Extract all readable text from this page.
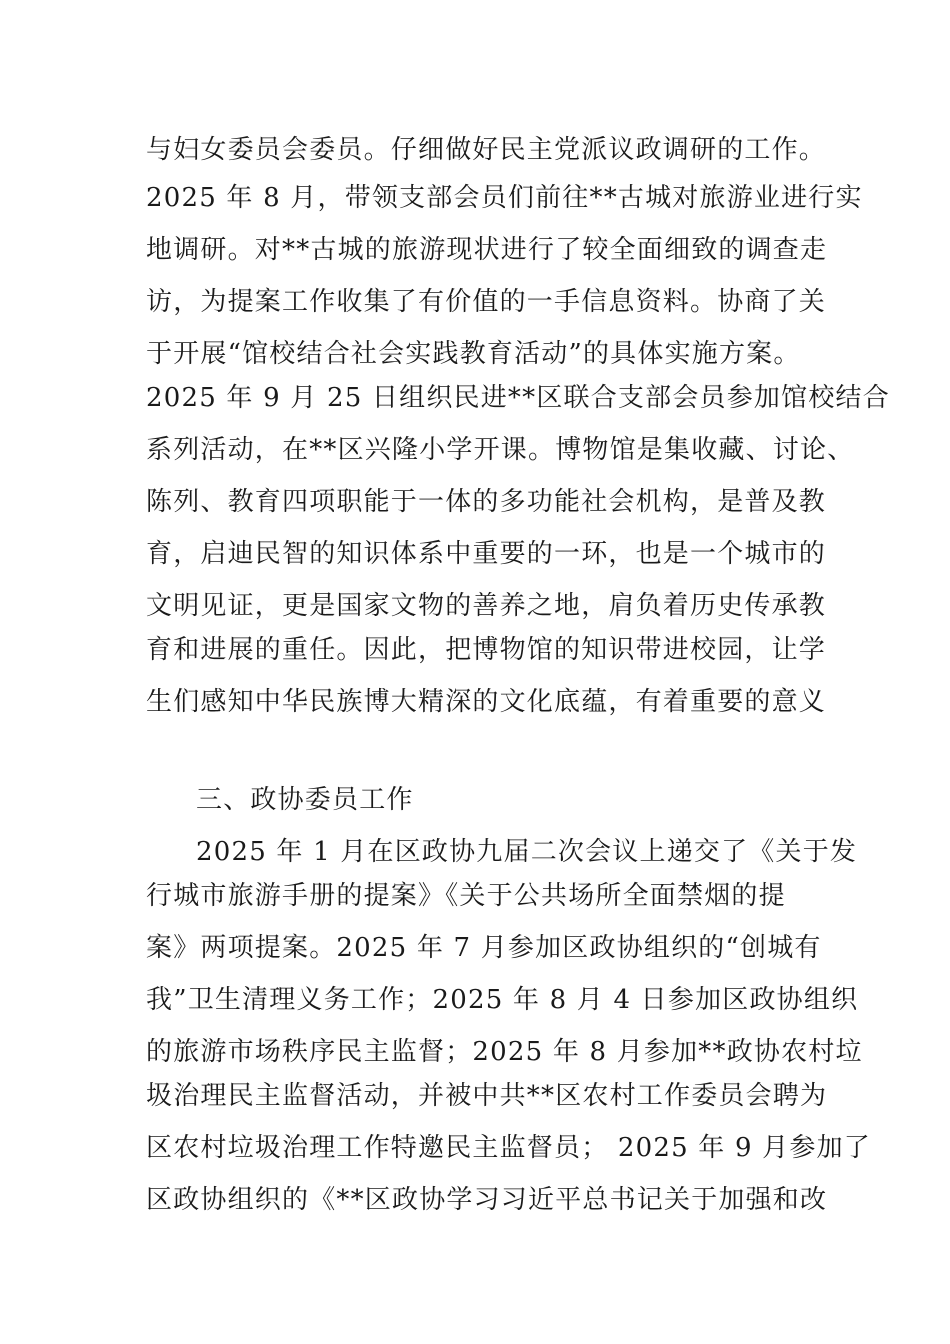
与妇女委员会委员。仔细做好民主党派议政调研的工作。
2025 年 8 月，带领支部会员们前往**古城对旅游业进行实
地调研。对**古城的旅游现状进行了较全面细致的调查走
访，为提案工作收集了有价值的一手信息资料。协商了关
于开展“馆校结合社会实践教育活动”的具体实施方案。
2025 年 9 月 25 日组织民进**区联合支部会员参加馆校结合
系列活动，在**区兴隆小学开课。博物馆是集收藏、讨论、
陈列、教育四项职能于一体的多功能社会机构，是普及教
育，启迪民智的知识体系中重要的一环，也是一个城市的
文明见证，更是国家文物的善养之地，肩负着历史传承教
育和进展的重任。因此，把博物馆的知识带进校园，让学
生们感知中华民族博大精深的文化底蕴，有着重要的意义
三、政协委员工作
2025 年 1 月在区政协九届二次会议上递交了《关于发
行城市旅游手册的提案》《关于公共场所全面禁烟的提
案》两项提案。2025 年 7 月参加区政协组织的“创城有
我”卫生清理义务工作；2025 年 8 月 4 日参加区政协组织
的旅游市场秩序民主监督；2025 年 8 月参加**政协农村垃
圾治理民主监督活动，并被中共**区农村工作委员会聘为
区农村垃圾治理工作特邀民主监督员； 2025 年 9 月参加了
区政协组织的《**区政协学习习近平总书记关于加强和改
